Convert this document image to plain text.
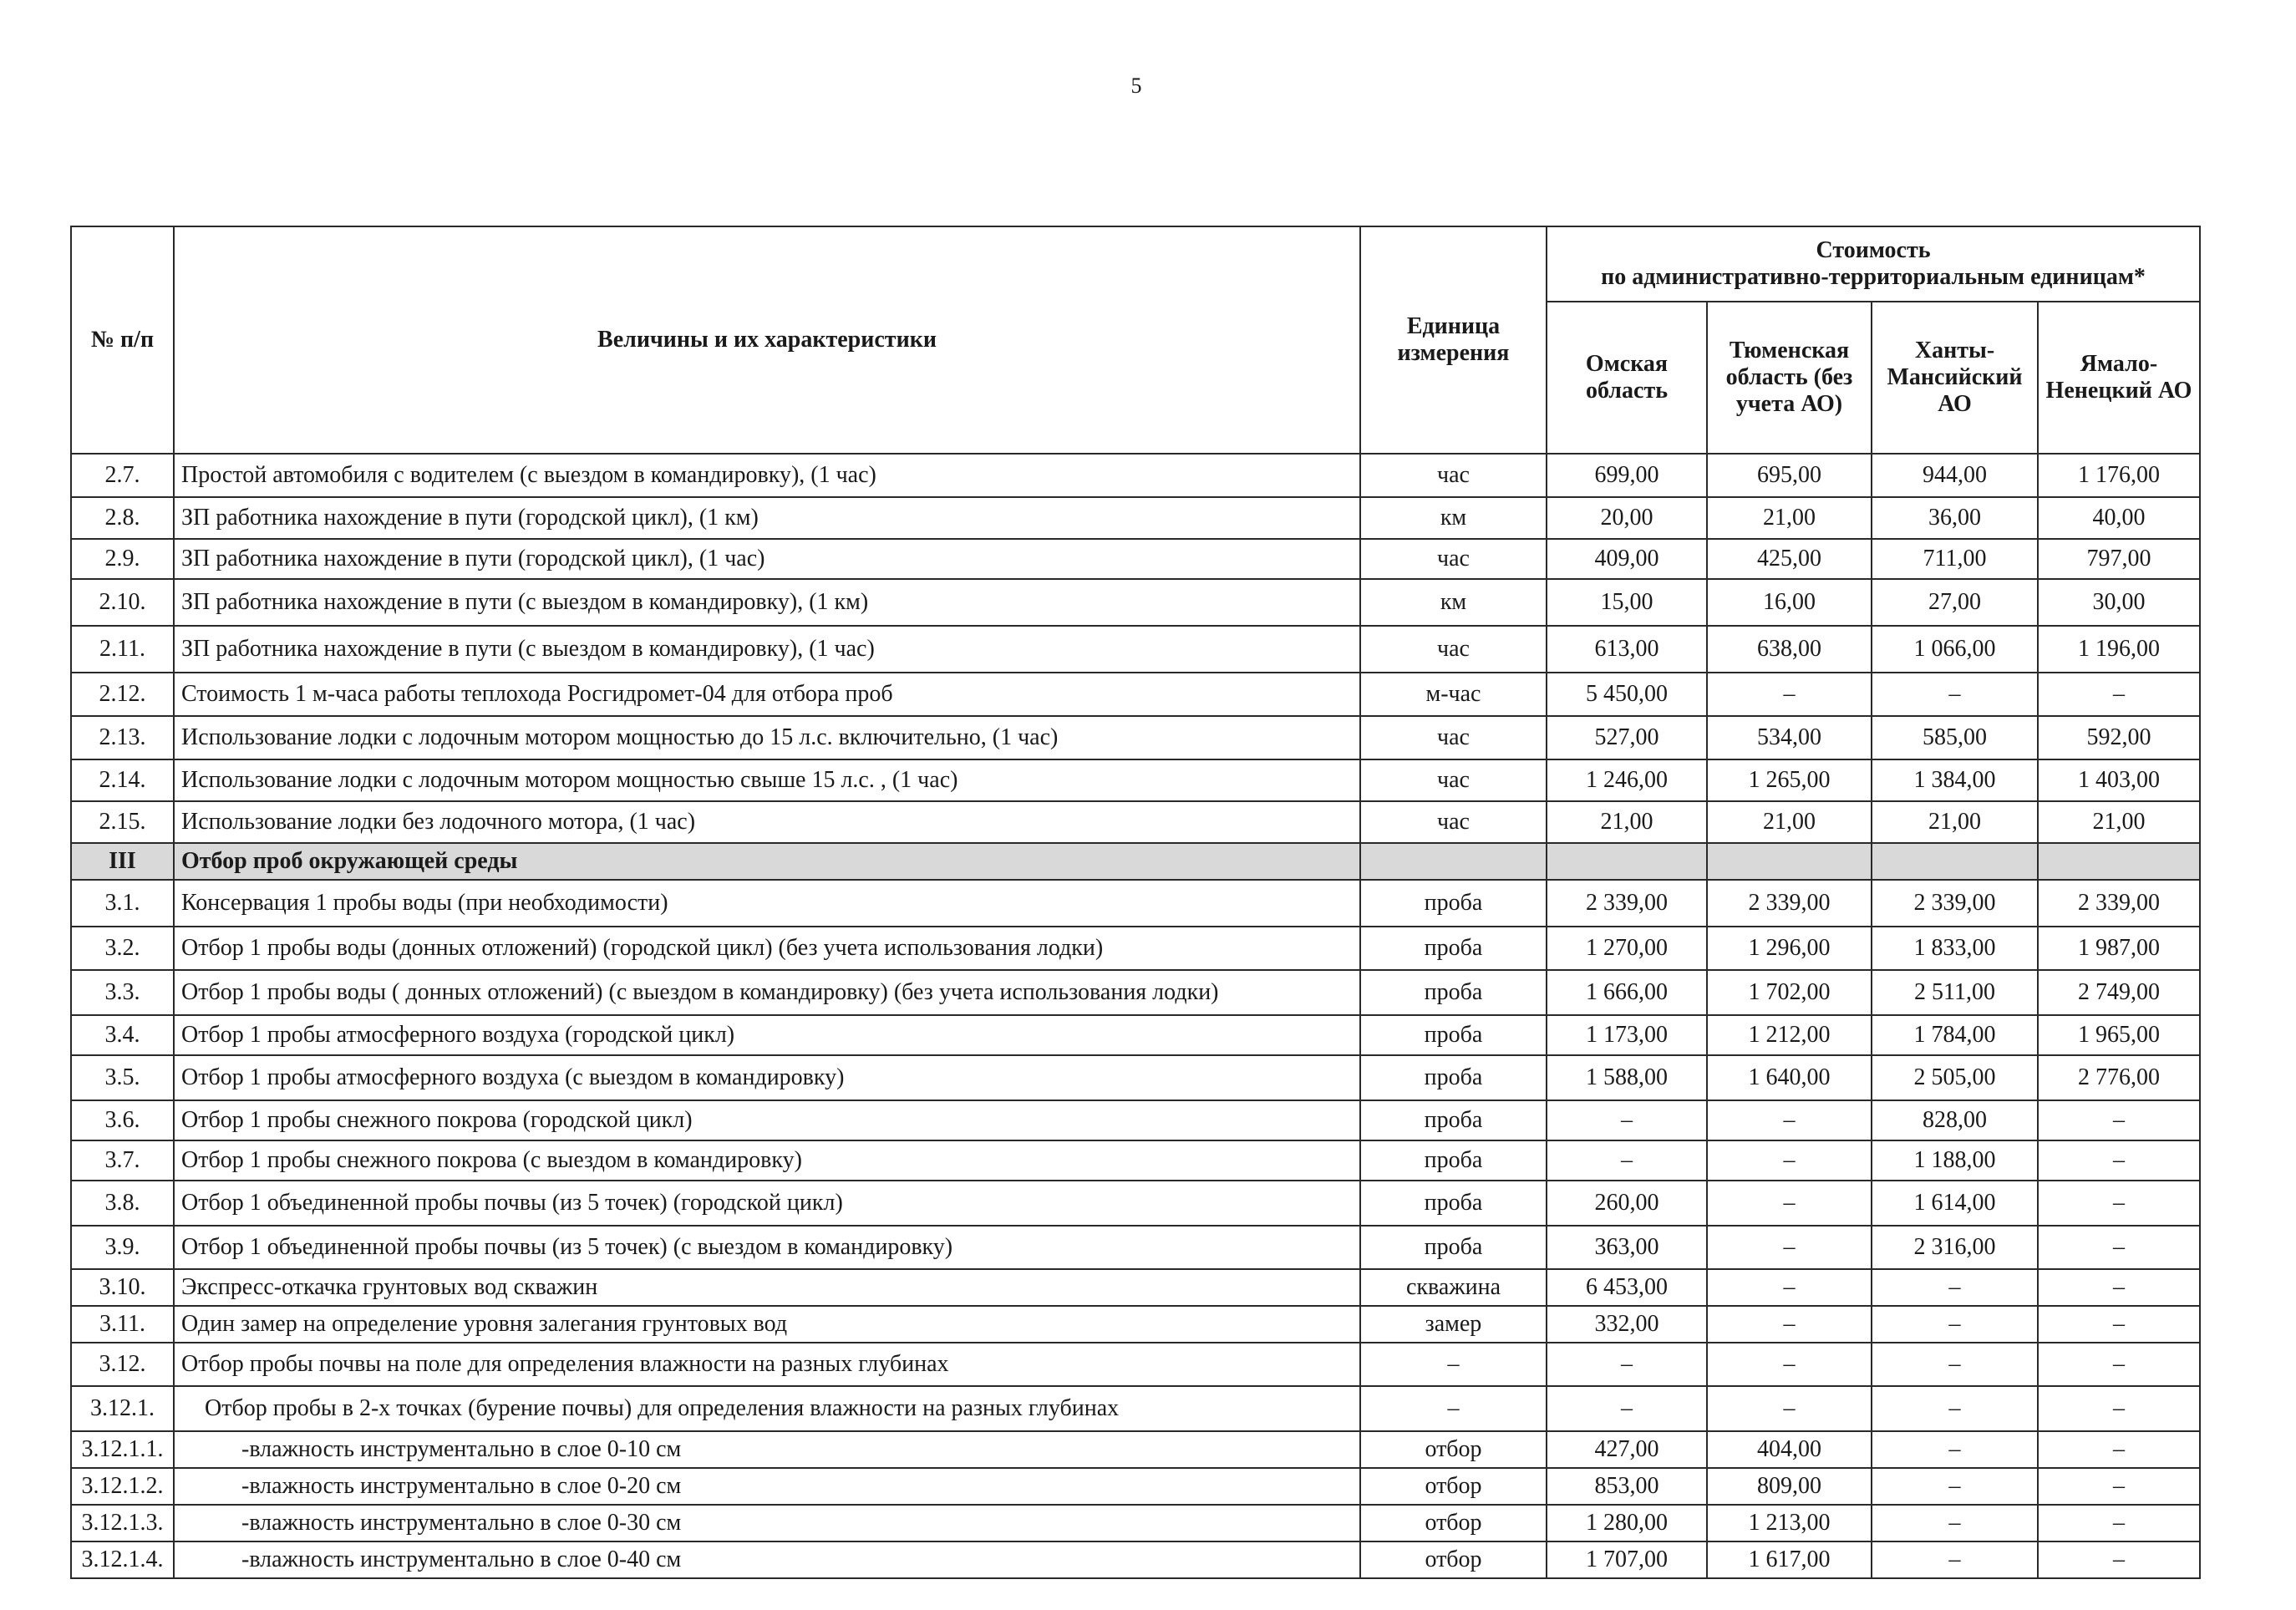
5
№ п/п	Величины и их характеристики	Единица измерения	Стоимость
по административно-территориальным единицам*			

			Омская область	Тюменская область (без учета АО)	Ханты-Мансийский АО	Ямало-Ненецкий АО
2.7.	Простой автомобиля с водителем (с выездом в командировку), (1 час)	час	699,00	695,00	944,00	1 176,00
2.8.	ЗП работника нахождение в пути (городской цикл), (1 км)	км	20,00	21,00	36,00	40,00
2.9.	ЗП работника нахождение в пути (городской цикл), (1 час)	час	409,00	425,00	711,00	797,00
2.10.	ЗП работника нахождение в пути (с выездом в командировку), (1 км)	км	15,00	16,00	27,00	30,00
2.11.	ЗП работника нахождение в пути (с выездом в командировку), (1 час)	час	613,00	638,00	1 066,00	1 196,00
2.12.	Стоимость 1 м-часа работы теплохода Росгидромет-04 для отбора проб	м-час	5 450,00	–	–	–
2.13.	Использование лодки с лодочным мотором мощностью до 15 л.с. включительно, (1 час)	час	527,00	534,00	585,00	592,00
2.14.	Использование лодки с лодочным мотором мощностью свыше 15 л.с. , (1 час)	час	1 246,00	1 265,00	1 384,00	1 403,00
2.15.	Использование лодки без лодочного мотора, (1 час)	час	21,00	21,00	21,00	21,00
III	Отбор проб окружающей среды					
3.1.	Консервация 1 пробы воды (при необходимости)	проба	2 339,00	2 339,00	2 339,00	2 339,00
3.2.	Отбор 1 пробы воды (донных отложений) (городской цикл) (без учета использования лодки)	проба	1 270,00	1 296,00	1 833,00	1 987,00
3.3.	Отбор 1 пробы воды ( донных отложений) (с выездом в командировку) (без учета использования лодки)	проба	1 666,00	1 702,00	2 511,00	2 749,00
3.4.	Отбор 1 пробы атмосферного воздуха (городской цикл)	проба	1 173,00	1 212,00	1 784,00	1 965,00
3.5.	Отбор 1 пробы атмосферного воздуха (с выездом в командировку)	проба	1 588,00	1 640,00	2 505,00	2 776,00
3.6.	Отбор 1 пробы снежного покрова (городской цикл)	проба	–	–	828,00	–
3.7.	Отбор 1 пробы снежного покрова (с выездом в командировку)	проба	–	–	1 188,00	–
3.8.	Отбор 1 объединенной пробы почвы (из 5 точек) (городской цикл)	проба	260,00	–	1 614,00	–
3.9.	Отбор 1 объединенной пробы почвы (из 5 точек) (с выездом в командировку)	проба	363,00	–	2 316,00	–
3.10.	Экспресс-откачка грунтовых вод скважин	скважина	6 453,00	–	–	–
3.11.	Один замер на определение уровня залегания грунтовых вод	замер	332,00	–	–	–
3.12.	Отбор пробы почвы на поле для определения влажности на разных глубинах	–	–	–	–	–
3.12.1.	Отбор пробы в 2-х точках (бурение почвы) для определения влажности на разных глубинах	–	–	–	–	–
3.12.1.1.	-влажность инструментально в слое 0-10 см	отбор	427,00	404,00	–	–
3.12.1.2.	-влажность инструментально в слое 0-20 см	отбор	853,00	809,00	–	–
3.12.1.3.	-влажность инструментально в слое 0-30 см	отбор	1 280,00	1 213,00	–	–
3.12.1.4.	-влажность инструментально в слое 0-40 см	отбор	1 707,00	1 617,00	–	–
